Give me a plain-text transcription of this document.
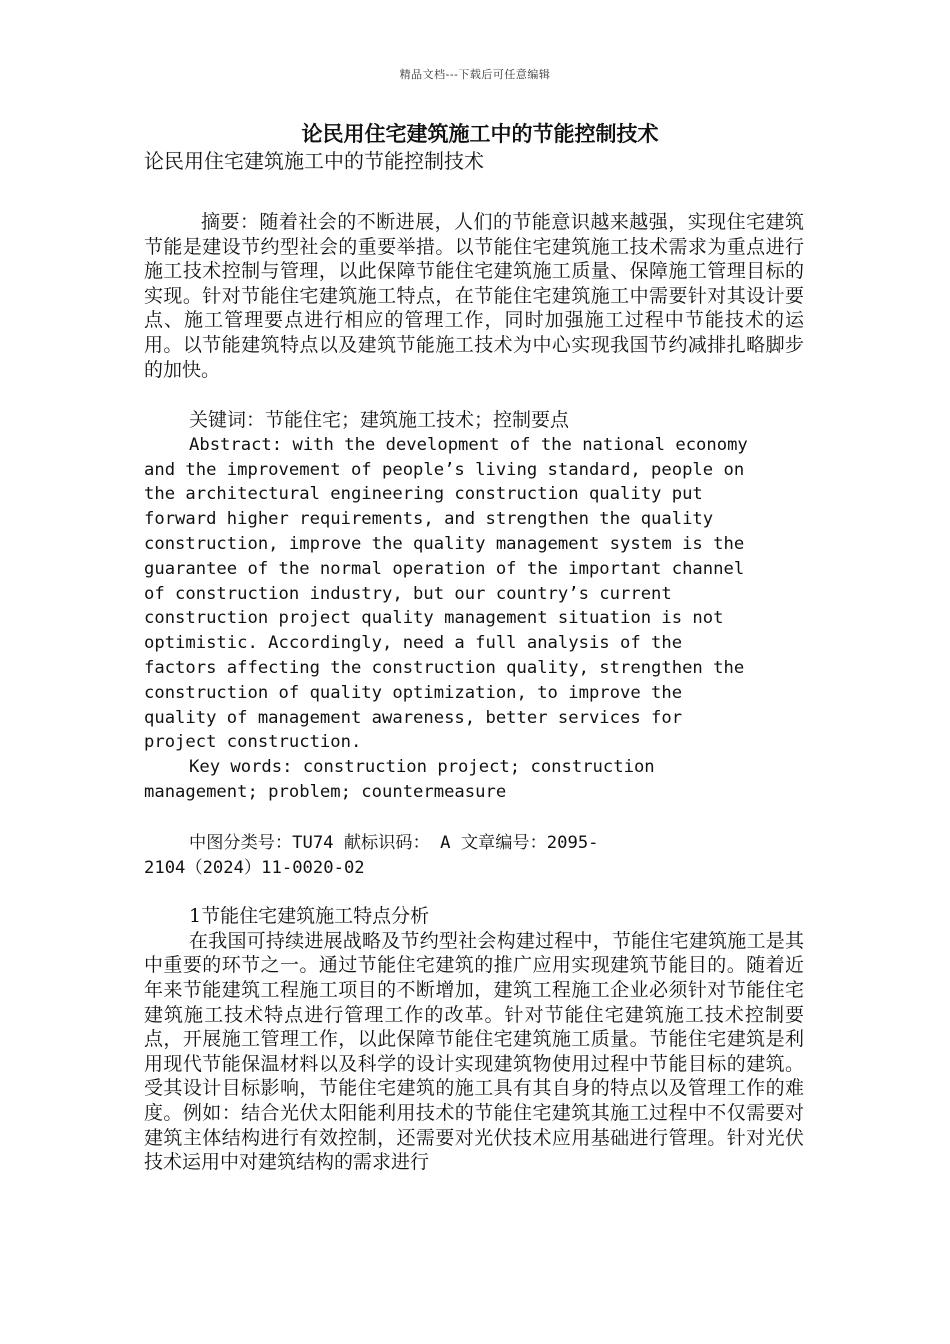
精品文档---下载后可任意编辑
论民用住宅建筑施工中的节能控制技术

论民用住宅建筑施工中的节能控制技术

摘要：随着社会的不断进展，人们的节能意识越来越强，实现住宅建筑节能是建设节约型社会的重要举措。以节能住宅建筑施工技术需求为重点进行施工技术控制与管理，以此保障节能住宅建筑施工质量、保障施工管理目标的实现。针对节能住宅建筑施工特点，在节能住宅建筑施工中需要针对其设计要点、施工管理要点进行相应的管理工作，同时加强施工过程中节能技术的运用。以节能建筑特点以及建筑节能施工技术为中心实现我国节约减排扎略脚步的加快。

关键词：节能住宅；建筑施工技术；控制要点

Abstract: with the development of the national economy
and the improvement of people’s living standard, people on
the architectural engineering construction quality put
forward higher requirements, and strengthen the quality
construction, improve the quality management system is the
guarantee of the normal operation of the important channel
of construction industry, but our country’s current
construction project quality management situation is not
optimistic. Accordingly, need a full analysis of the
factors affecting the construction quality, strengthen the
construction of quality optimization, to improve the
quality of management awareness, better services for
project construction.

Key words: construction project; construction
management; problem; countermeasure

中图分类号：TU74 献标识码： A 文章编号：2095-
2104（2024）11-0020-02

1节能住宅建筑施工特点分析

在我国可持续进展战略及节约型社会构建过程中，节能住宅建筑施工是其中重要的环节之一。通过节能住宅建筑的推广应用实现建筑节能目的。随着近年来节能建筑工程施工项目的不断增加，建筑工程施工企业必须针对节能住宅建筑施工技术特点进行管理工作的改革。针对节能住宅建筑施工技术控制要点，开展施工管理工作，以此保障节能住宅建筑施工质量。节能住宅建筑是利用现代节能保温材料以及科学的设计实现建筑物使用过程中节能目标的建筑。受其设计目标影响，节能住宅建筑的施工具有其自身的特点以及管理工作的难度。例如：结合光伏太阳能利用技术的节能住宅建筑其施工过程中不仅需要对建筑主体结构进行有效控制，还需要对光伏技术应用基础进行管理。针对光伏技术运用中对建筑结构的需求进行
